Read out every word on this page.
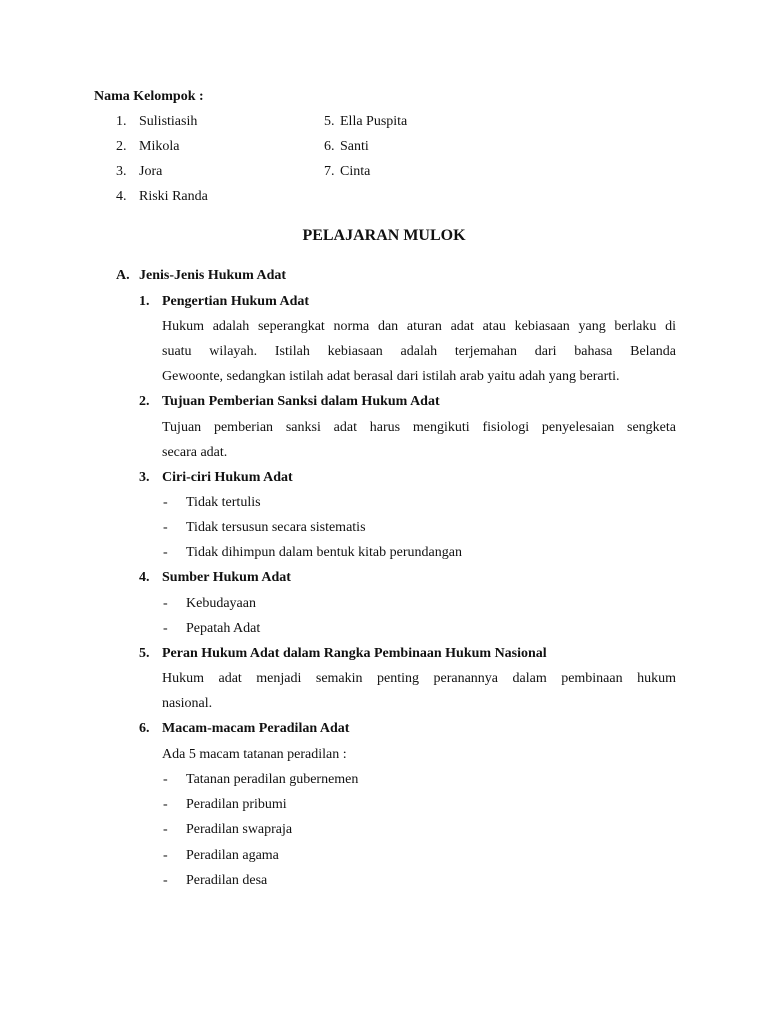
Nama Kelompok :
1. Sulistiasih
2. Mikola
3. Jora
4. Riski Randa
5. Ella Puspita
6. Santi
7. Cinta
PELAJARAN MULOK
A. Jenis-Jenis Hukum Adat
1. Pengertian Hukum Adat
Hukum adalah seperangkat norma dan aturan adat atau kebiasaan yang berlaku di
suatu wilayah. Istilah kebiasaan adalah terjemahan dari bahasa Belanda
Gewoonte, sedangkan istilah adat berasal dari istilah arab yaitu adah yang berarti.
2. Tujuan Pemberian Sanksi dalam Hukum Adat
Tujuan pemberian sanksi adat harus mengikuti fisiologi penyelesaian sengketa
secara adat.
3. Ciri-ciri Hukum Adat
- Tidak tertulis
- Tidak tersusun secara sistematis
- Tidak dihimpun dalam bentuk kitab perundangan
4. Sumber Hukum Adat
- Kebudayaan
- Pepatah Adat
5. Peran Hukum Adat dalam Rangka Pembinaan Hukum Nasional
Hukum adat menjadi semakin penting peranannya dalam pembinaan hukum
nasional.
6. Macam-macam Peradilan Adat
Ada 5 macam tatanan peradilan :
- Tatanan peradilan gubernemen
- Peradilan pribumi
- Peradilan swapraja
- Peradilan agama
- Peradilan desa
